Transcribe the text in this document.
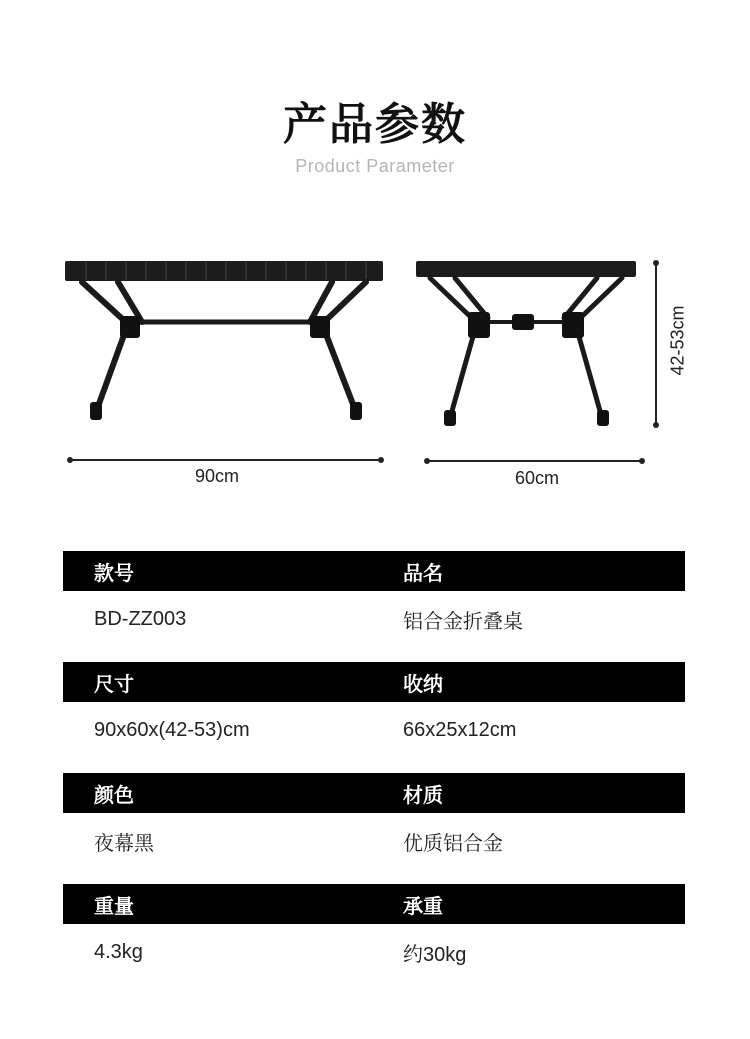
产品参数
Product Parameter
90cm	60cm
42-53cm
款号	品名
BD-ZZ003	铝合金折叠桌
尺寸	收纳
90x60x(42-53)cm	66x25x12cm
颜色	材质
夜幕黑	优质铝合金
重量	承重
4.3kg	约30kg
